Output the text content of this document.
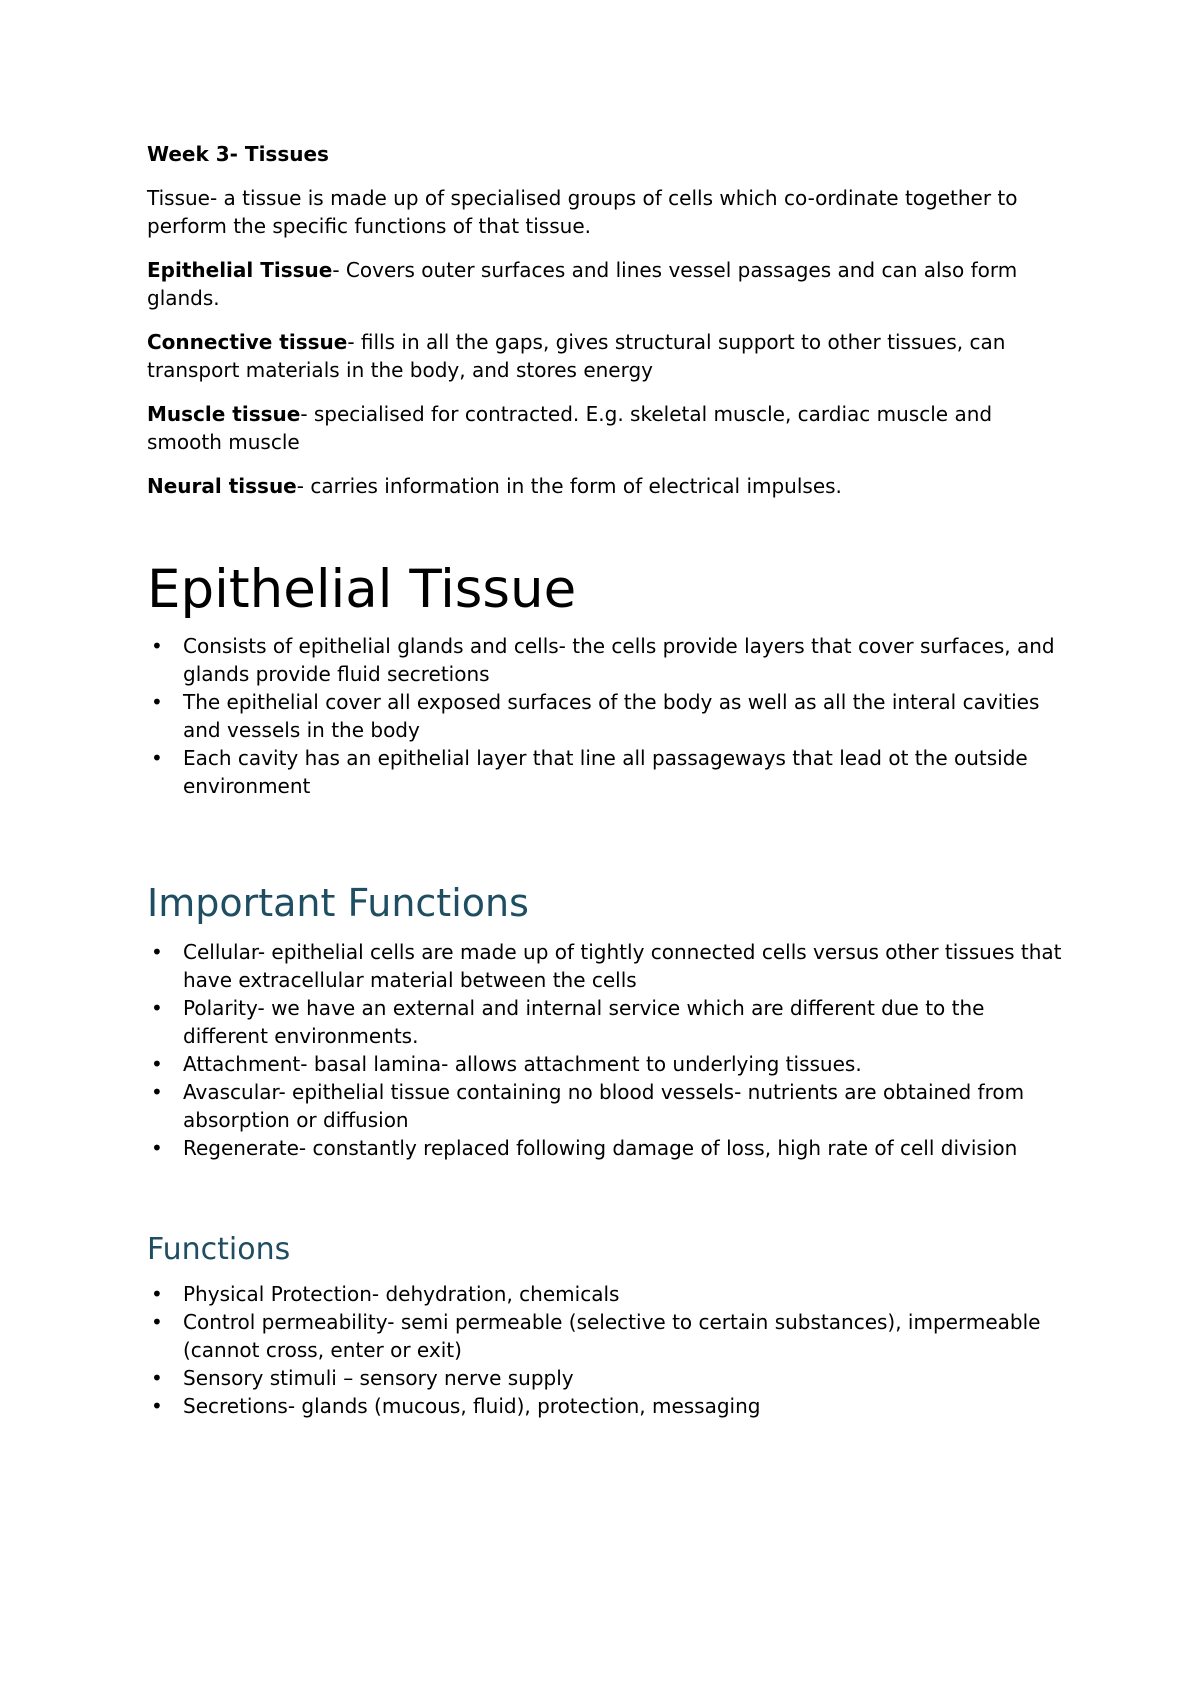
Week 3- Tissues

Tissue- a tissue is made up of specialised groups of cells which co-ordinate together to perform the specific functions of that tissue.

Epithelial Tissue- Covers outer surfaces and lines vessel passages and can also form glands.

Connective tissue- fills in all the gaps, gives structural support to other tissues, can transport materials in the body, and stores energy

Muscle tissue- specialised for contracted. E.g. skeletal muscle, cardiac muscle and smooth muscle

Neural tissue- carries information in the form of electrical impulses.

Epithelial Tissue
•	Consists of epithelial glands and cells- the cells provide layers that cover surfaces, and glands provide fluid secretions
•	The epithelial cover all exposed surfaces of the body as well as all the interal cavities and vessels in the body
•	Each cavity has an epithelial layer that line all passageways that lead ot the outside environment
Important Functions
•	Cellular- epithelial cells are made up of tightly connected cells versus other tissues that have extracellular material between the cells
•	Polarity- we have an external and internal service which are different due to the different environments.
•	Attachment- basal lamina- allows attachment to underlying tissues.
•	Avascular- epithelial tissue containing no blood vessels- nutrients are obtained from absorption or diffusion
•	Regenerate- constantly replaced following damage of loss, high rate of cell division
Functions
•	Physical Protection- dehydration, chemicals
•	Control permeability- semi permeable (selective to certain substances), impermeable (cannot cross, enter or exit)
•	Sensory stimuli – sensory nerve supply
•	Secretions- glands (mucous, fluid), protection, messaging
